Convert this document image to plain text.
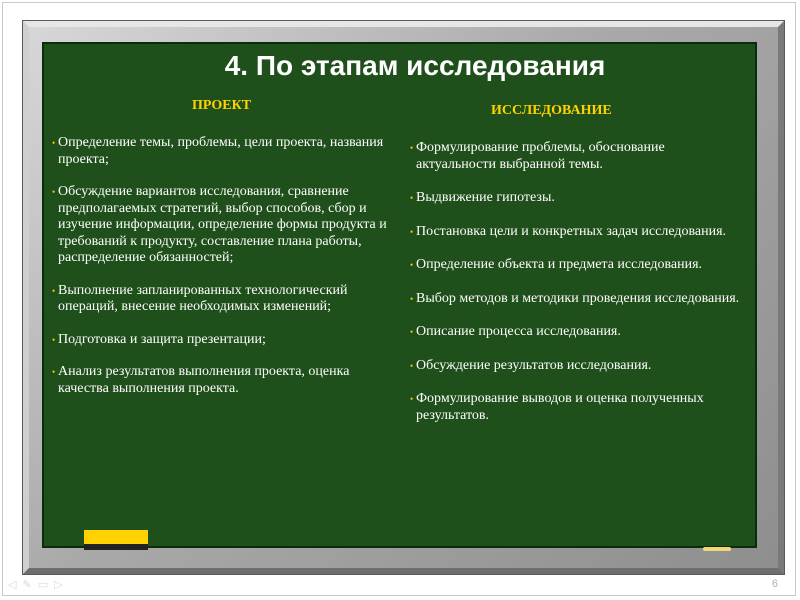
4. По этапам исследования
ПРОЕКТ	ИССЛЕДОВАНИЕ
• Определение темы, проблемы, цели проекта, названия проекта;
• Обсуждение вариантов исследования, сравнение предполагаемых стратегий, выбор способов, сбор и изучение информации, определение формы продукта и требований к продукту, составление плана работы, распределение обязанностей;
• Выполнение запланированных технологический операций, внесение необходимых изменений;
• Подготовка и защита презентации;
• Анализ результатов выполнения проекта, оценка качества выполнения проекта.
• Формулирование проблемы, обоснование актуальности выбранной темы.
• Выдвижение гипотезы.
• Постановка цели и конкретных задач исследования.
• Определение объекта и предмета исследования.
• Выбор методов и методики проведения исследования.
• Описание процесса исследования.
• Обсуждение результатов исследования.
• Формулирование выводов и оценка полученных результатов.
◁ ✎ ▭ ▷	6
